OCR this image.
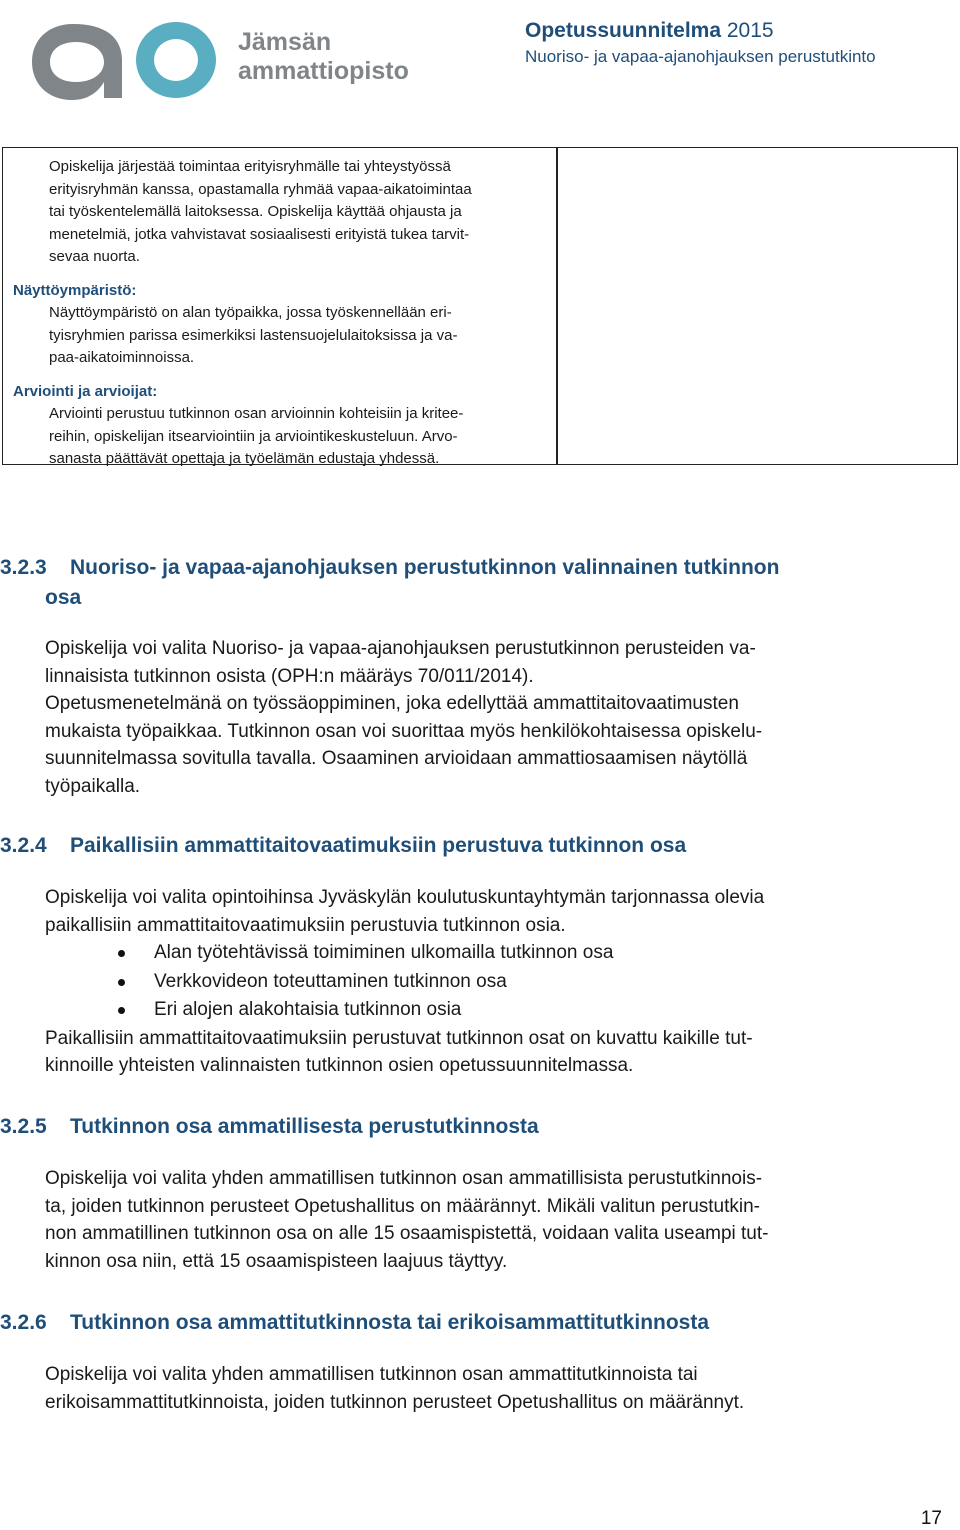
Jämsän
ammattiopisto
Opetussuunnitelma 2015
Nuoriso- ja vapaa-ajanohjauksen perustutkinto
Opiskelija järjestää toimintaa erityisryhmälle tai yhteystyössä
erityisryhmän kanssa, opastamalla ryhmää vapaa-aikatoimintaa
tai työskentelemällä laitoksessa. Opiskelija käyttää ohjausta ja
menetelmiä, jotka vahvistavat sosiaalisesti erityistä tukea tarvit-
sevaa nuorta.
Näyttöympäristö:
Näyttöympäristö on alan työpaikka, jossa työskennellään eri-
tyisryhmien parissa esimerkiksi lastensuojelulaitoksissa ja va-
paa-aikatoiminnoissa.
Arviointi ja arvioijat:
Arviointi perustuu tutkinnon osan arvioinnin kohteisiin ja kritee-
reihin, opiskelijan itsearviointiin ja arviointikeskusteluun. Arvo-
sanasta päättävät opettaja ja työelämän edustaja yhdessä.
3.2.3 Nuoriso- ja vapaa-ajanohjauksen perustutkinnon valinnainen tutkinnon
osa
Opiskelija voi valita Nuoriso- ja vapaa-ajanohjauksen perustutkinnon perusteiden va-
linnaisista tutkinnon osista (OPH:n määräys 70/011/2014).
Opetusmenetelmänä on työssäoppiminen, joka edellyttää ammattitaitovaatimusten
mukaista työpaikkaa. Tutkinnon osan voi suorittaa myös henkilökohtaisessa opiskelu-
suunnitelmassa sovitulla tavalla. Osaaminen arvioidaan ammattiosaamisen näytöllä
työpaikalla.
3.2.4 Paikallisiin ammattitaitovaatimuksiin perustuva tutkinnon osa
Opiskelija voi valita opintoihinsa Jyväskylän koulutuskuntayhtymän tarjonnassa olevia
paikallisiin ammattitaitovaatimuksiin perustuvia tutkinnon osia.
Alan työtehtävissä toimiminen ulkomailla tutkinnon osa
Verkkovideon toteuttaminen tutkinnon osa
Eri alojen alakohtaisia tutkinnon osia
Paikallisiin ammattitaitovaatimuksiin perustuvat tutkinnon osat on kuvattu kaikille tut-
kinnoille yhteisten valinnaisten tutkinnon osien opetussuunnitelmassa.
3.2.5 Tutkinnon osa ammatillisesta perustutkinnosta
Opiskelija voi valita yhden ammatillisen tutkinnon osan ammatillisista perustutkinnois-
ta, joiden tutkinnon perusteet Opetushallitus on määrännyt. Mikäli valitun perustutkin-
non ammatillinen tutkinnon osa on alle 15 osaamispistettä, voidaan valita useampi tut-
kinnon osa niin, että 15 osaamispisteen laajuus täyttyy.
3.2.6 Tutkinnon osa ammattitutkinnosta tai erikoisammattitutkinnosta
Opiskelija voi valita yhden ammatillisen tutkinnon osan ammattitutkinnoista tai
erikoisammattitutkinnoista, joiden tutkinnon perusteet Opetushallitus on määrännyt.
17
